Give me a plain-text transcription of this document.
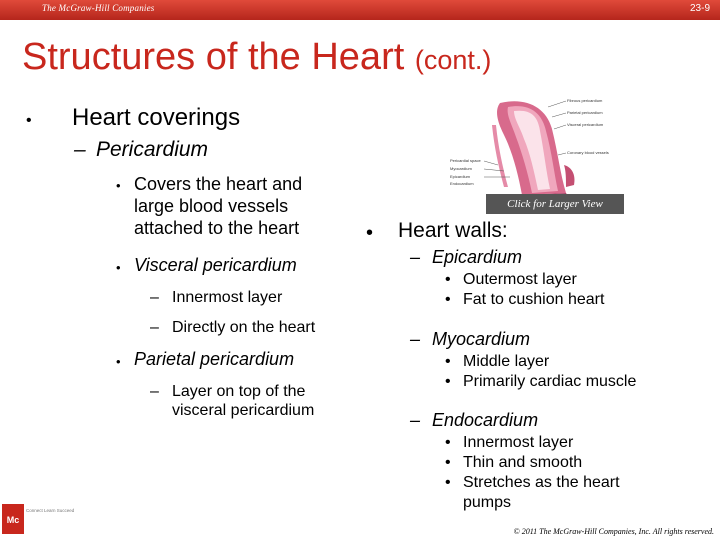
The McGraw-Hill Companies	23-9
Structures of the Heart (cont.)
• Heart coverings
– Pericardium
• Covers the heart and
large blood vessels
attached to the heart
• Visceral pericardium
– Innermost layer
– Directly on the heart
• Parietal pericardium
– Layer on top of the
visceral pericardium
Fibrous pericardium
Parietal pericardium
Visceral pericardium
Coronary blood vessels
Pericardial space
Myocardium
Epicardium
Endocardium
Click for Larger View
• Heart walls:
– Epicardium
• Outermost layer
• Fat to cushion heart
– Myocardium
• Middle layer
• Primarily cardiac muscle
– Endocardium
• Innermost layer
• Thin and smooth
• Stretches as the heart
pumps
Mc
Connect Learn Succeed
© 2011 The McGraw-Hill Companies, Inc. All rights reserved.
